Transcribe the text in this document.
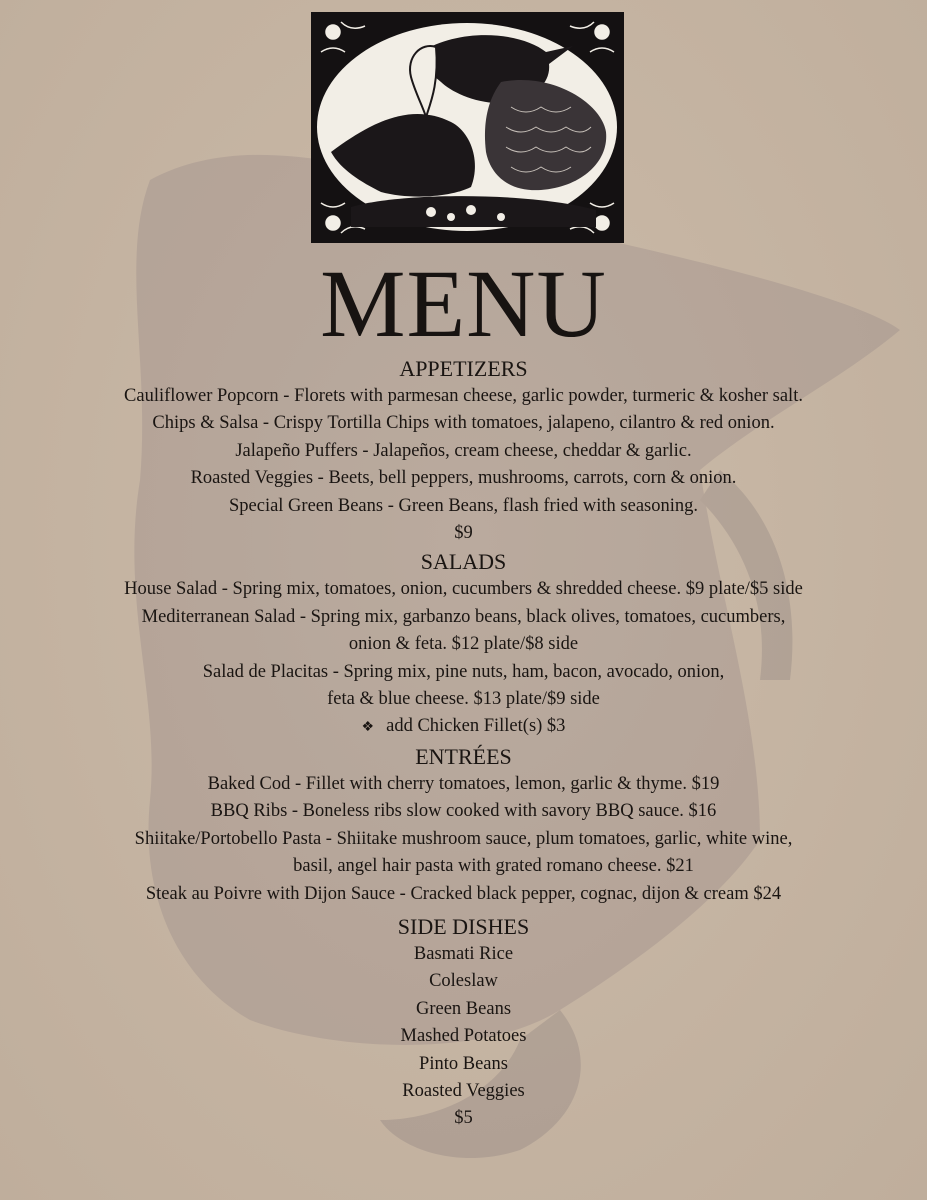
MENU
APPETIZERS
Cauliflower Popcorn - Florets with parmesan cheese, garlic powder, turmeric & kosher salt.
Chips & Salsa - Crispy Tortilla Chips with tomatoes, jalapeno, cilantro & red onion.
Jalapeño Puffers - Jalapeños, cream cheese, cheddar & garlic.
Roasted Veggies - Beets, bell peppers, mushrooms, carrots, corn & onion.
Special Green Beans - Green Beans, flash fried with seasoning.
$9
SALADS
House Salad - Spring mix, tomatoes, onion, cucumbers & shredded cheese. $9 plate/$5 side
Mediterranean Salad - Spring mix, garbanzo beans, black olives, tomatoes, cucumbers,
onion & feta. $12 plate/$8 side
Salad de Placitas - Spring mix, pine nuts, ham, bacon, avocado, onion,
feta & blue cheese. $13 plate/$9 side
❖ add Chicken Fillet(s) $3
ENTRÉES
Baked Cod - Fillet with cherry tomatoes, lemon, garlic & thyme. $19
BBQ Ribs - Boneless ribs slow cooked with savory BBQ sauce. $16
Shiitake/Portobello Pasta - Shiitake mushroom sauce, plum tomatoes, garlic, white wine,
basil, angel hair pasta with grated romano cheese. $21
Steak au Poivre with Dijon Sauce - Cracked black pepper, cognac, dijon & cream $24
SIDE DISHES
Basmati Rice
Coleslaw
Green Beans
Mashed Potatoes
Pinto Beans
Roasted Veggies
$5
